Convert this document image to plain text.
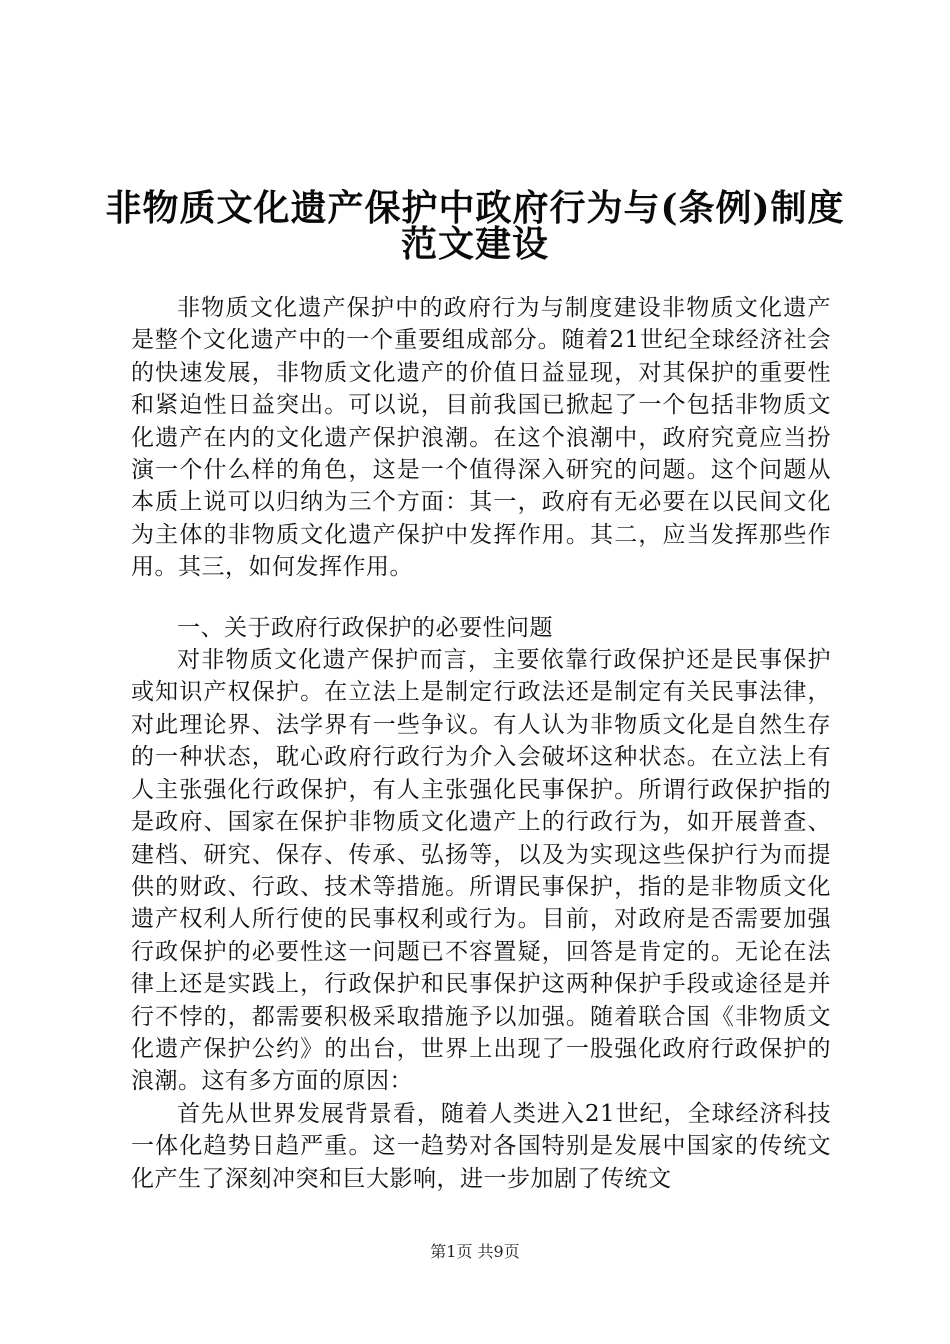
非物质文化遗产保护中政府行为与(条例)制度
范文建设

非物质文化遗产保护中的政府行为与制度建设非物质文化遗产是整个文化遗产中的一个重要组成部分。随着21世纪全球经济社会的快速发展，非物质文化遗产的价值日益显现，对其保护的重要性和紧迫性日益突出。可以说，目前我国已掀起了一个包括非物质文化遗产在内的文化遗产保护浪潮。在这个浪潮中，政府究竟应当扮演一个什么样的角色，这是一个值得深入研究的问题。这个问题从本质上说可以归纳为三个方面：其一，政府有无必要在以民间文化为主体的非物质文化遗产保护中发挥作用。其二，应当发挥那些作用。其三，如何发挥作用。

一、关于政府行政保护的必要性问题

对非物质文化遗产保护而言，主要依靠行政保护还是民事保护或知识产权保护。在立法上是制定行政法还是制定有关民事法律，对此理论界、法学界有一些争议。有人认为非物质文化是自然生存的一种状态，耽心政府行政行为介入会破坏这种状态。在立法上有人主张强化行政保护，有人主张强化民事保护。所谓行政保护指的是政府、国家在保护非物质文化遗产上的行政行为，如开展普查、建档、研究、保存、传承、弘扬等，以及为实现这些保护行为而提供的财政、行政、技术等措施。所谓民事保护，指的是非物质文化遗产权利人所行使的民事权利或行为。目前，对政府是否需要加强行政保护的必要性这一问题已不容置疑，回答是肯定的。无论在法律上还是实践上，行政保护和民事保护这两种保护手段或途径是并行不悖的，都需要积极采取措施予以加强。随着联合国《非物质文化遗产保护公约》的出台，世界上出现了一股强化政府行政保护的浪潮。这有多方面的原因：

首先从世界发展背景看，随着人类进入21世纪，全球经济科技一体化趋势日趋严重。这一趋势对各国特别是发展中国家的传统文化产生了深刻冲突和巨大影响，进一步加剧了传统文

第1页 共9页
